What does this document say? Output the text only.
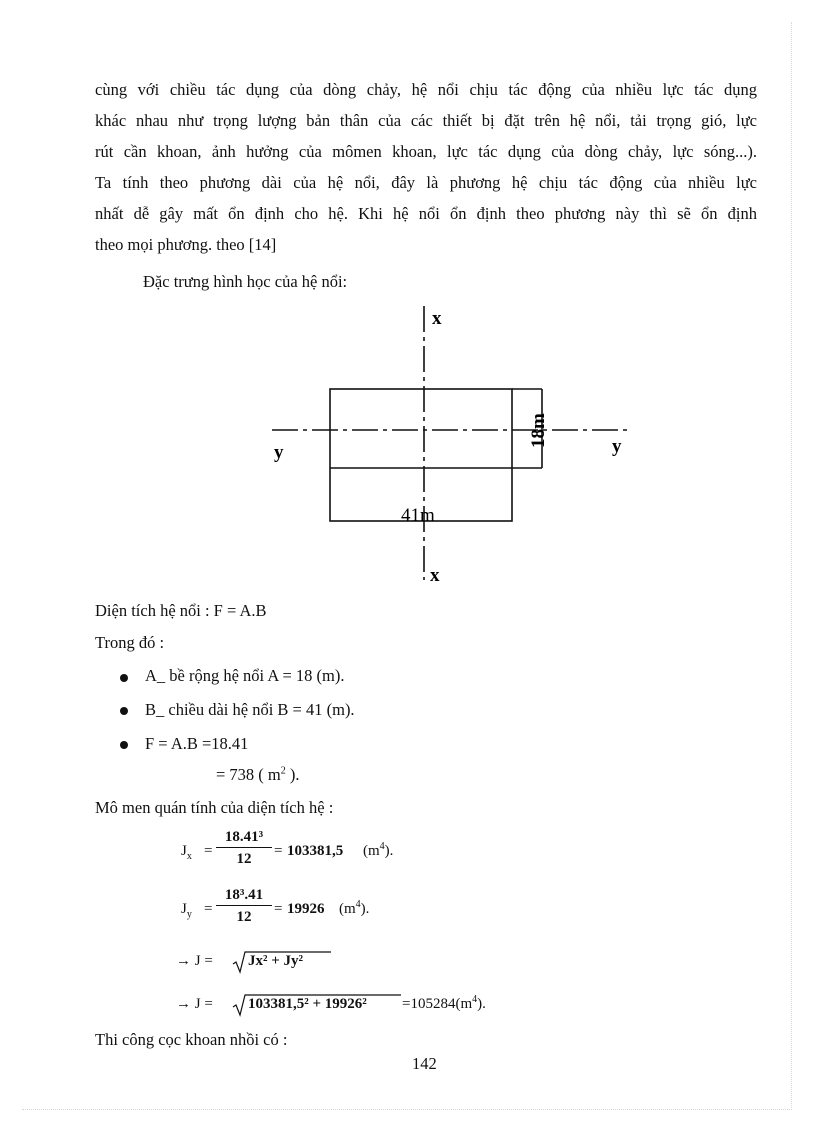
cùng với chiều tác dụng của dòng chảy, hệ nổi chịu tác động của nhiều lực tác dụng
khác nhau như trọng lượng bản thân của các thiết bị đặt trên hệ nổi, tải trọng gió, lực
rút cần khoan, ảnh hưởng của mômen khoan, lực tác dụng của dòng chảy, lực sóng...).
Ta tính theo phương dài của hệ nổi, đây là phương hệ chịu tác động của nhiều lực
nhất dễ gây mất ổn định cho hệ. Khi hệ nổi ổn định theo phương này thì sẽ ổn định
theo mọi phương. theo [14]
Đặc trưng hình học của hệ nổi:
x
x
y	y
18m
41m
Diện tích hệ nổi : F = A.B
Trong đó :
A_ bề rộng hệ nổi A = 18 (m).
B_ chiều dài hệ nổi B = 41 (m).
F = A.B =18.41
= 738 ( $m^2$ ).
Mô men quán tính của diện tích hệ :
$J_x = \frac{\text{18.41³}}{12} = 103381,5$ $(m^4)$.
$J_y = \frac{\text{18³.41}}{12} = 19926$ $(m^4)$.
→ J = Jx² + Jy²
→ $J = 103381,5^2 + 19926^2 =105284(m^4)$.
Thi công cọc khoan nhồi có :
142
